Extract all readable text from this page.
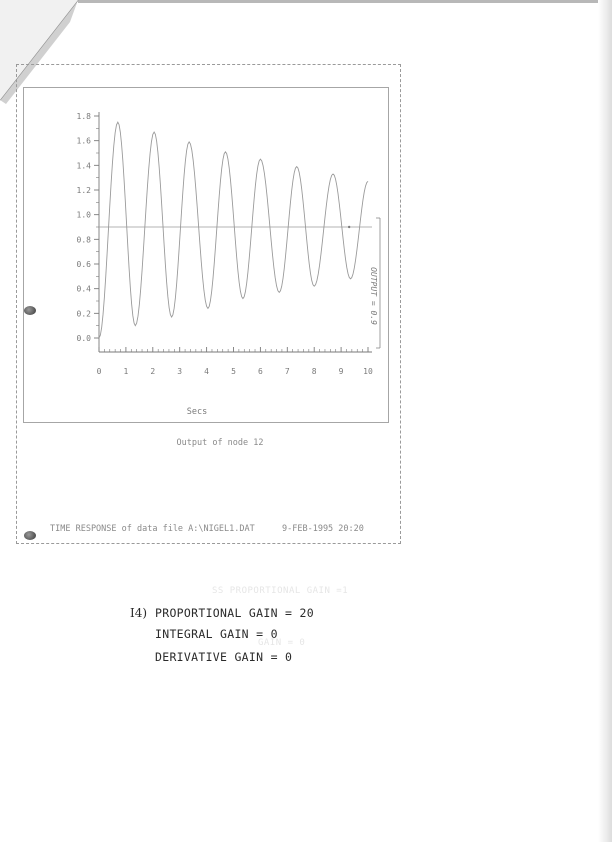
0.0
0.2
0.4
0.6
0.8
1.0
1.2
1.4
1.6
1.8
0	1	2	3	4	5	6	7	8	9 10
Secs
OUTPUT = 0.9
Output of node 12
TIME RESPONSE of data file A:\NIGEL1.DAT	9-FEB-1995 20:20
SS PROPORTIONAL GAIN =1
GAIN = 0
I4) PROPORTIONAL GAIN = 20
INTEGRAL GAIN = 0
DERIVATIVE GAIN = 0
